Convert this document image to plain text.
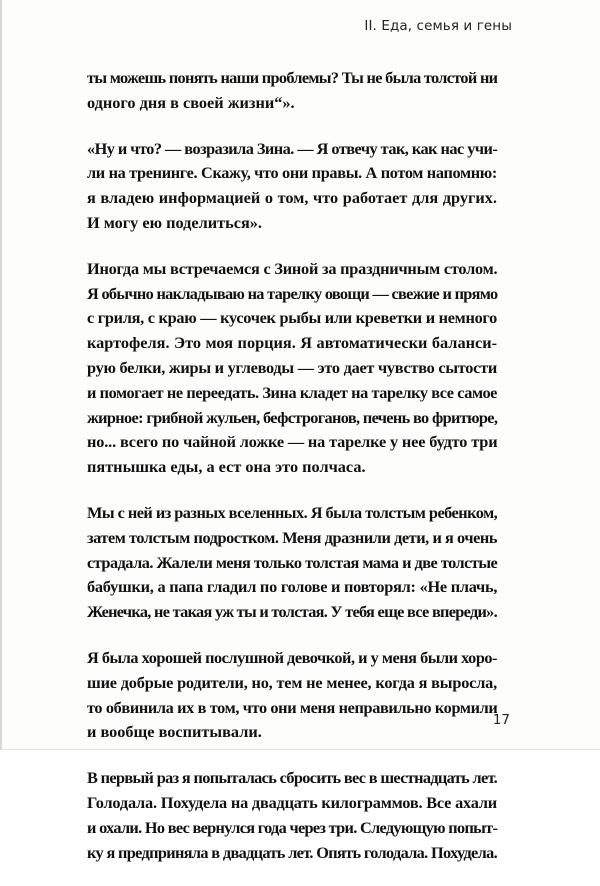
II. Еда, семья и гены
ты можешь понять наши проблемы? Ты не была толстой ни
одного дня в своей жизни“».
«Ну и что? — возразила Зина. — Я отвечу так, как нас учи-
ли на тренинге. Скажу, что они правы. А потом напомню:
я владею информацией о том, что работает для других.
И могу ею поделиться».
Иногда мы встречаемся с Зиной за праздничным столом.
Я обычно накладываю на тарелку овощи — свежие и прямо
с гриля, с краю — кусочек рыбы или креветки и немного
картофеля. Это моя порция. Я автоматически баланси-
рую белки, жиры и углеводы — это дает чувство сытости
и помогает не переедать. Зина кладет на тарелку все самое
жирное: грибной жульен, бефстроганов, печень во фритюре,
но... всего по чайной ложке — на тарелке у нее будто три
пятнышка еды, а ест она это полчаса.
Мы с ней из разных вселенных. Я была толстым ребенком,
затем толстым подростком. Меня дразнили дети, и я очень
страдала. Жалели меня только толстая мама и две толстые
бабушки, а папа гладил по голове и повторял: «Не плачь,
Женечка, не такая уж ты и толстая. У тебя еще все впереди».
Я была хорошей послушной девочкой, и у меня были хоро-
шие добрые родители, но, тем не менее, когда я выросла,
то обвинила их в том, что они меня неправильно кормили
и вообще воспитывали.
В первый раз я попыталась сбросить вес в шестнадцать лет.
Голодала. Похудела на двадцать килограммов. Все ахали
и охали. Но вес вернулся года через три. Следующую попыт-
ку я предприняла в двадцать лет. Опять голодала. Похудела.
17
